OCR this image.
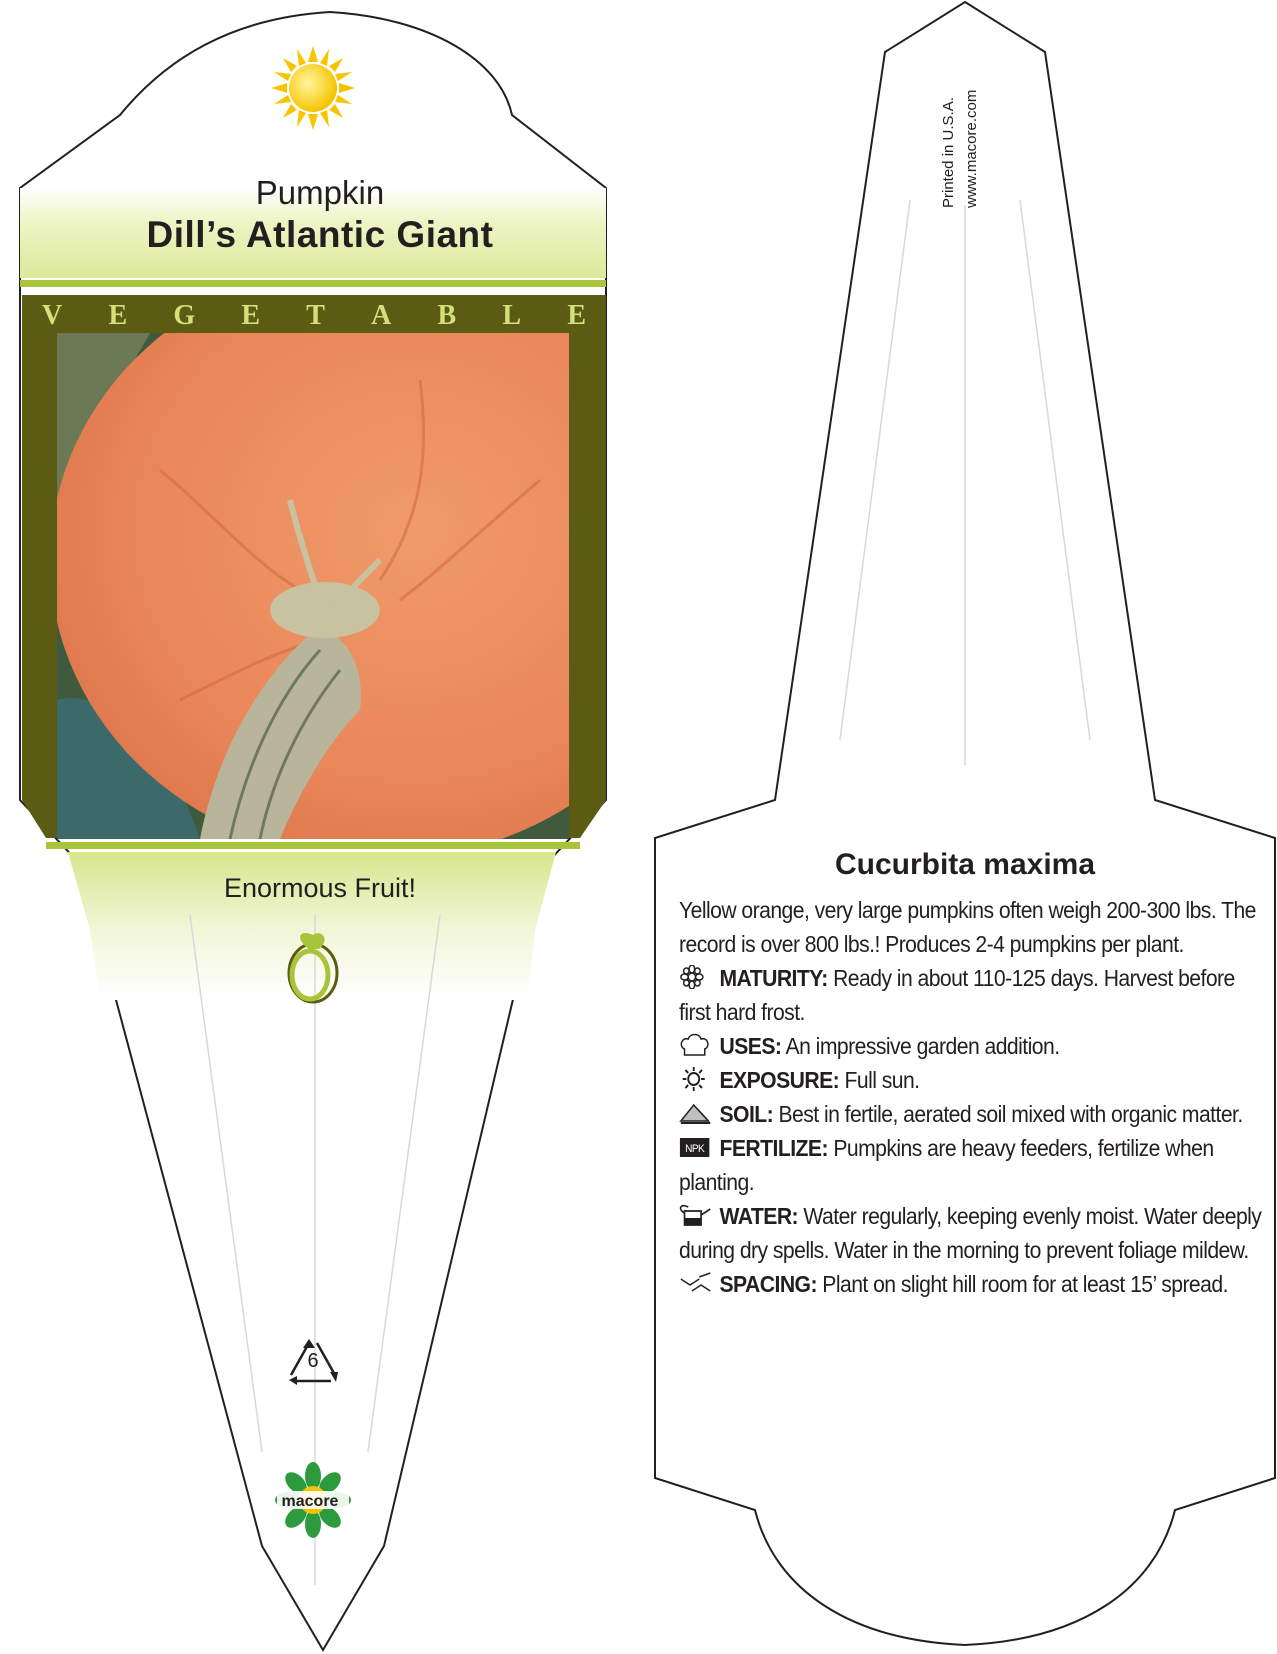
Pumpkin
Dill’s Atlantic Giant
V E G E T A B L E
Enormous Fruit!
6
macore
Printed in U.S.A. www.macore.com
Cucurbita maxima

Yellow orange, very large pumpkins often weigh 200-300 lbs. The record is over 800 lbs.! Produces 2-4 pumpkins per plant.

MATURITY: Ready in about 110-125 days. Harvest before first hard frost.

USES: An impressive garden addition.

EXPOSURE: Full sun.

SOIL: Best in fertile, aerated soil mixed with organic matter.

NPK FERTILIZE: Pumpkins are heavy feeders, fertilize when planting.

WATER: Water regularly, keeping evenly moist. Water deeply during dry spells. Water in the morning to prevent foliage mildew.

SPACING: Plant on slight hill room for at least 15’ spread.
